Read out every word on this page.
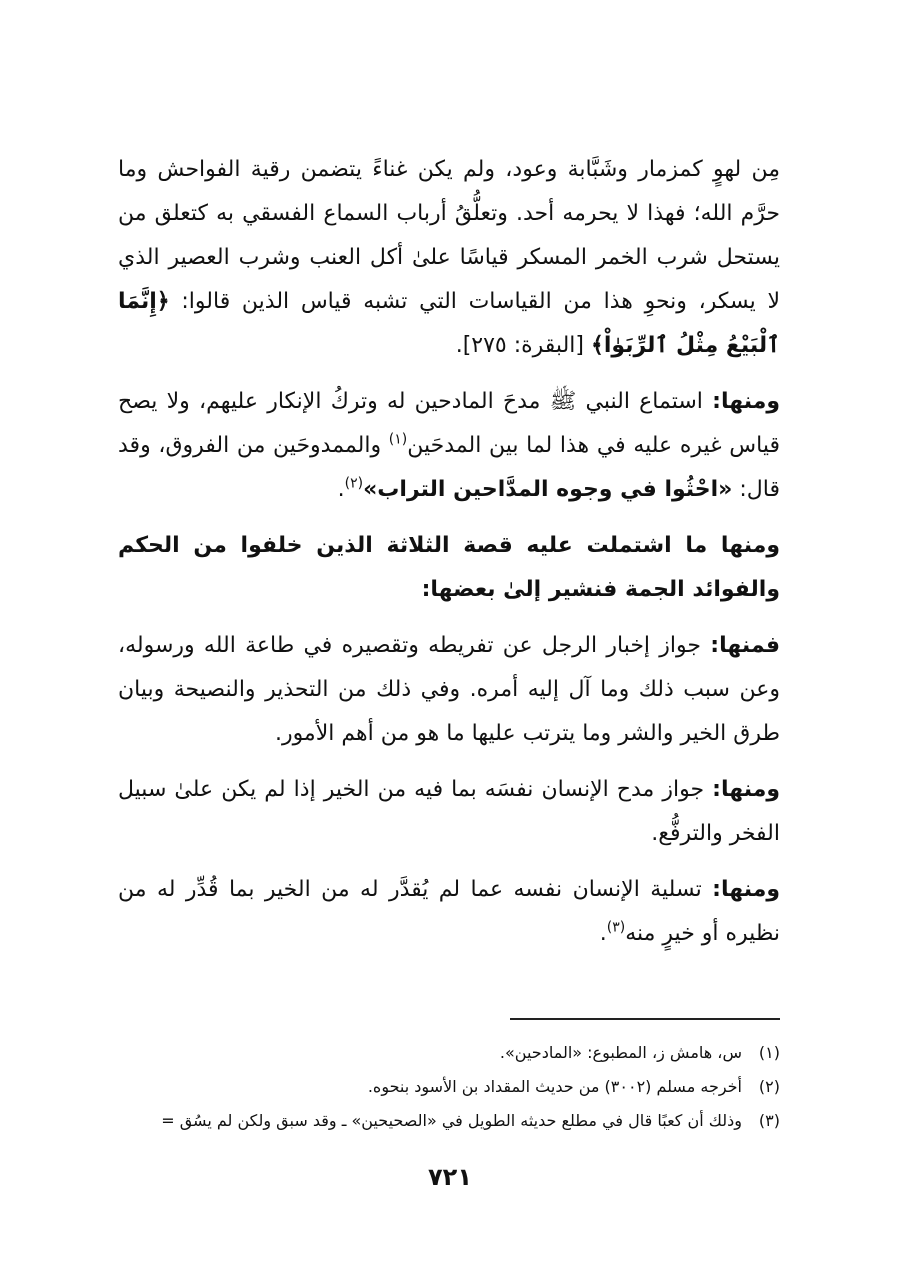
مِن لهوٍ كمزمار وشَبَّابة وعود، ولم يكن غناءً يتضمن رقية الفواحش وما حرَّم الله؛ فهذا لا يحرمه أحد. وتعلُّقُ أرباب السماع الفسقي به كتعلق من يستحل شرب الخمر المسكر قياسًا علىٰ أكل العنب وشرب العصير الذي لا يسكر، ونحوِ هذا من القياسات التي تشبه قياس الذين قالوا: ﴿إِنَّمَا ٱلْبَيْعُ مِثْلُ ٱلرِّبَوٰاْ﴾ [البقرة: ٢٧٥].

ومنها: استماع النبي ﷺ مدحَ المادحين له وتركُ الإنكار عليهم، ولا يصح قياس غيره عليه في هذا لما بين المدحَين$^{(١)}$ والممدوحَين من الفروق، وقد قال: «احْثُوا في وجوه المدَّاحين التراب»$^{(٢)}$.

ومنها ما اشتملت عليه قصة الثلاثة الذين خلفوا من الحكم والفوائد الجمة فنشير إلىٰ بعضها:

فمنها: جواز إخبار الرجل عن تفريطه وتقصيره في طاعة الله ورسوله، وعن سبب ذلك وما آل إليه أمره. وفي ذلك من التحذير والنصيحة وبيان طرق الخير والشر وما يترتب عليها ما هو من أهم الأمور.

ومنها: جواز مدح الإنسان نفسَه بما فيه من الخير إذا لم يكن علىٰ سبيل الفخر والترفُّع.

ومنها: تسلية الإنسان نفسه عما لم يُقدَّر له من الخير بما قُدِّر له من نظيره أو خيرٍ منه$^{(٣)}$.

(١)س، هامش ز، المطبوع: «المادحين».
(٢)أخرجه مسلم (٣٠٠٢) من حديث المقداد بن الأسود بنحوه.
(٣)وذلك أن كعبًا قال في مطلع حديثه الطويل في «الصحيحين» ـ وقد سبق ولكن لم يسُق =
٧٢١
